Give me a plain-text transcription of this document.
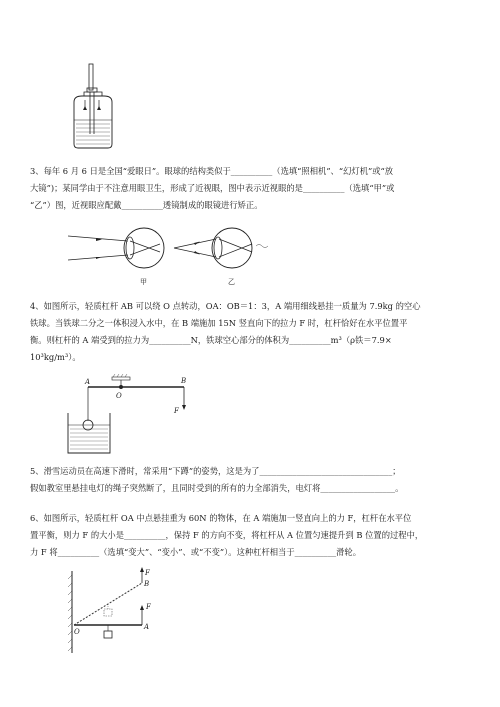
3、每年 6 月 6 日是全国“爱眼日”。眼球的结构类似于__________（选填“照相机”、“幻灯机”或“放
大镜”)；某同学由于不注意用眼卫生，形成了近视眼，图中表示近视眼的是__________（选填“甲”或
“乙”）图，近视眼应配戴__________透镜制成的眼镜进行矫正。
甲	乙
4、如图所示，轻质杠杆 AB 可以绕 O 点转动，OA：OB＝1：3，A 端用细线悬挂一质量为 7.9kg 的空心
铁球。当铁球二分之一体积浸入水中，在 B 端施加 15N 竖直向下的拉力 F 时，杠杆恰好在水平位置平
衡。则杠杆的 A 端受到的拉力为__________N，铁球空心部分的体积为__________m³（ρ铁＝7.9×
10³kg/m³）。
A
O
B
F
5、滑雪运动员在高速下滑时，常采用“下蹲”的姿势，这是为了________________________________；
假如教室里悬挂电灯的绳子突然断了，且同时受到的所有的力全部消失，电灯将__________________。
6、如图所示，轻质杠杆 OA 中点悬挂重为 60N 的物体，在 A 端施加一竖直向上的力 F，杠杆在水平位
置平衡，则力 F 的大小是__________，保持 F 的方向不变，将杠杆从 A 位置匀速提升到 B 位置的过程中，
力 F 将__________（选填“变大”、“变小”、或“不变”）。这种杠杆相当于__________滑轮。
F
B
F
A
O
